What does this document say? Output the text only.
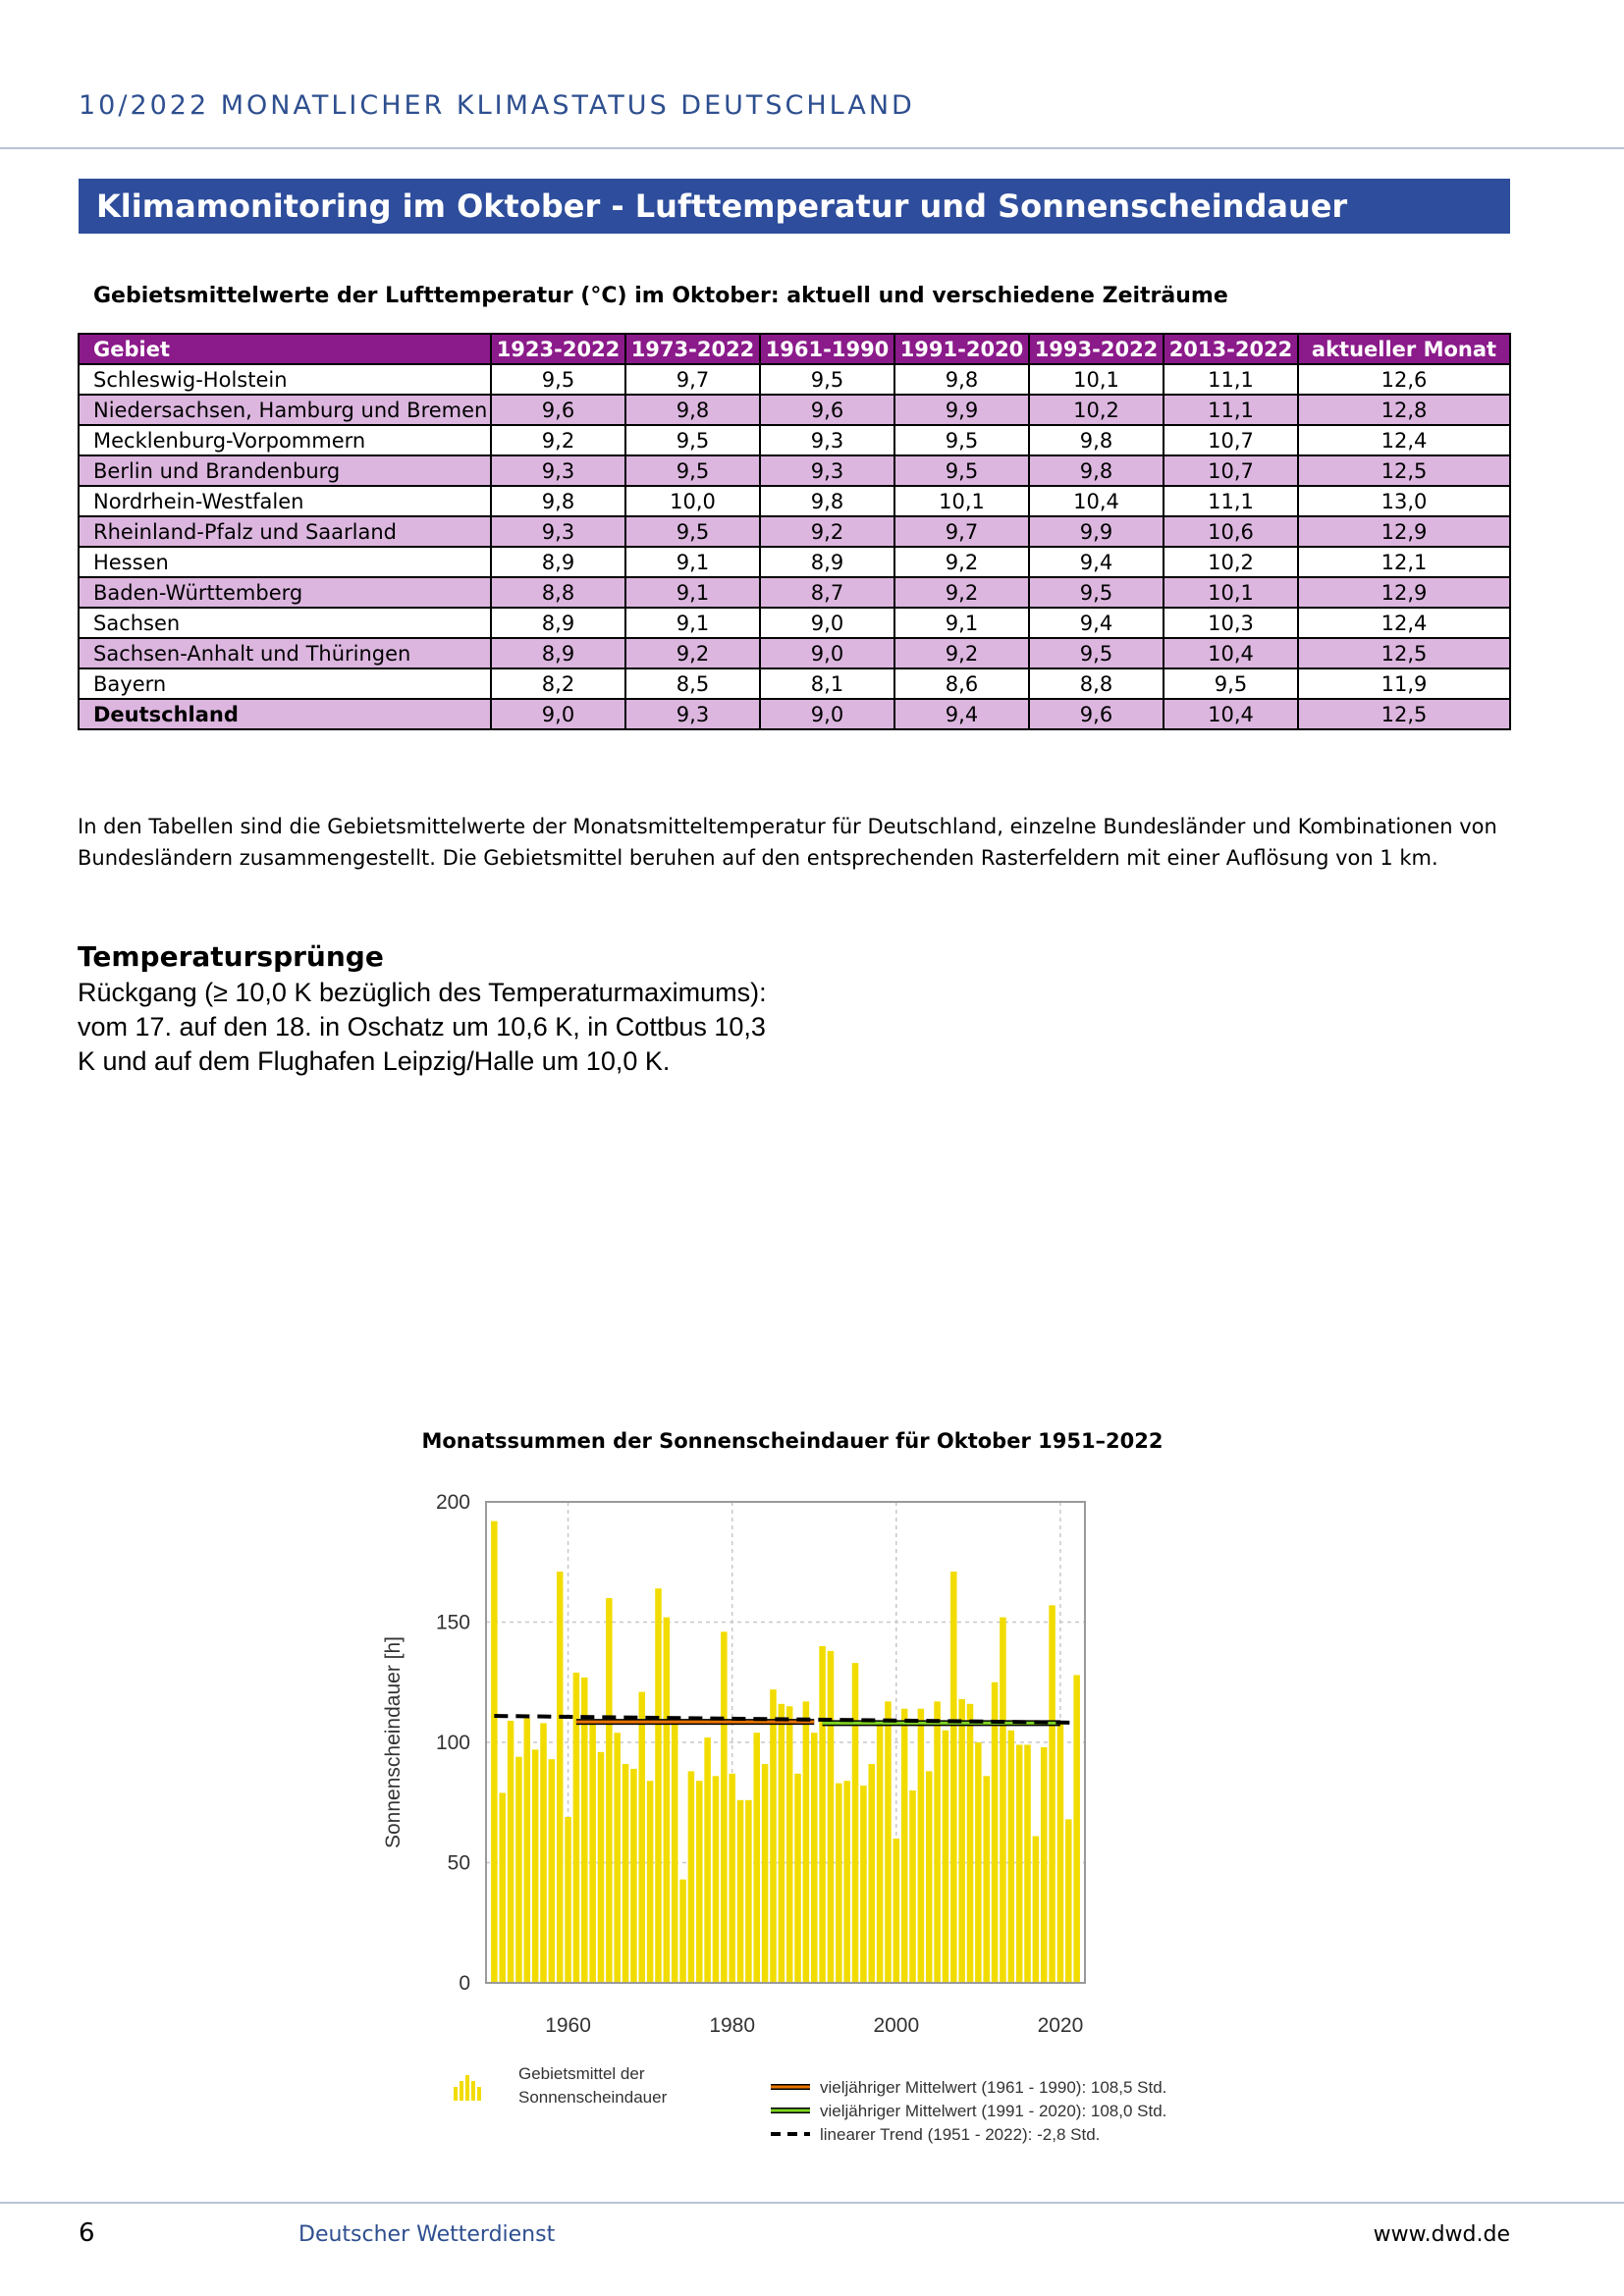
10/2022 MONATLICHER KLIMASTATUS DEUTSCHLAND
Klimamonitoring im Oktober - Lufttemperatur und Sonnenscheindauer
Gebietsmittelwerte der Lufttemperatur (°C) im Oktober: aktuell und verschiedene Zeiträume
Gebiet	1923-2022	1973-2022	1961-1990	1991-2020	1993-2022	2013-2022	aktueller Monat
Schleswig-Holstein	9,5	9,7	9,5	9,8	10,1	11,1	12,6
Niedersachsen, Hamburg und Bremen	9,6	9,8	9,6	9,9	10,2	11,1	12,8
Mecklenburg-Vorpommern	9,2	9,5	9,3	9,5	9,8	10,7	12,4
Berlin und Brandenburg	9,3	9,5	9,3	9,5	9,8	10,7	12,5
Nordrhein-Westfalen	9,8	10,0	9,8	10,1	10,4	11,1	13,0
Rheinland-Pfalz und Saarland	9,3	9,5	9,2	9,7	9,9	10,6	12,9
Hessen	8,9	9,1	8,9	9,2	9,4	10,2	12,1
Baden-Württemberg	8,8	9,1	8,7	9,2	9,5	10,1	12,9
Sachsen	8,9	9,1	9,0	9,1	9,4	10,3	12,4
Sachsen-Anhalt und Thüringen	8,9	9,2	9,0	9,2	9,5	10,4	12,5
Bayern	8,2	8,5	8,1	8,6	8,8	9,5	11,9
Deutschland	9,0	9,3	9,0	9,4	9,6	10,4	12,5
In den Tabellen sind die Gebietsmittelwerte der Monatsmitteltemperatur für Deutschland, einzelne Bundesländer und Kombinationen von Bundesländern zusammengestellt. Die Gebietsmittel beruhen auf den entsprechenden Rasterfeldern mit einer Auflösung von 1 km.
Temperatursprünge
Rückgang (≥ 10,0 K bezüglich des Temperaturmaximums): vom 17. auf den 18. in Oschatz um 10,6 K, in Cottbus 10,3 K und auf dem Flughafen Leipzig/Halle um 10,0 K.
Monatssummen der Sonnenscheindauer für Oktober 1951–2022
0
50
100
150
200
1960	1980	2000	2020
Sonnenscheindauer [h]
Gebietsmittel der
Sonnenscheindauer
vieljähriger Mittelwert (1961 - 1990): 108,5 Std.
vieljähriger Mittelwert (1991 - 2020): 108,0 Std.
linearer Trend (1951 - 2022): -2,8 Std.
6	Deutscher Wetterdienst	www.dwd.de
